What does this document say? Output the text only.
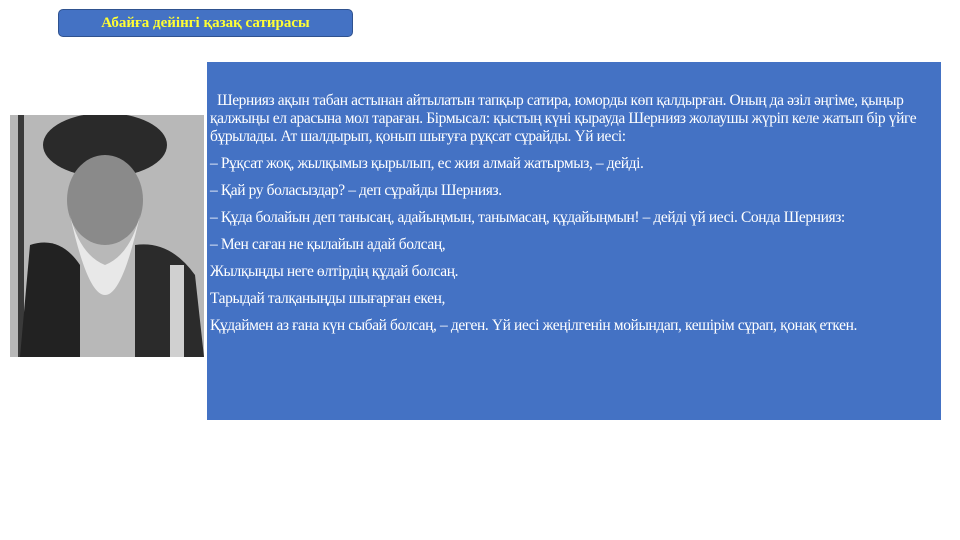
Абайға дейінгі қазақ сатирасы

Шернияз ақын табан астынан айтылатын тапқыр сатира, юморды көп қалдырған. Оның да әзіл әңгіме, қыңыр қалжыңы ел арасына мол тараған. Бірмысал: қыстың күні қырауда Шернияз жолаушы жүріп келе жатып бір үйге бұрылады. Ат шалдырып, қонып шығуға рұқсат сұрайды. Үй иесі:

– Рұқсат жоқ, жылқымыз қырылып, ес жия алмай жатырмыз, – дейді.

– Қай ру боласыздар? – деп сұрайды Шернияз.

– Құда болайын деп танысаң, адайыңмын, танымасаң, құдайыңмын! – дейді үй иесі. Сонда Шернияз:

– Мен саған не қылайын адай болсаң,

Жылқыңды неге өлтірдің құдай болсаң.

Тарыдай талқаныңды шығарған екен,

Құдаймен аз ғана күн сыбай болсаң, – деген. Үй иесі жеңілгенін мойындап, кешірім сұрап, қонақ еткен.
